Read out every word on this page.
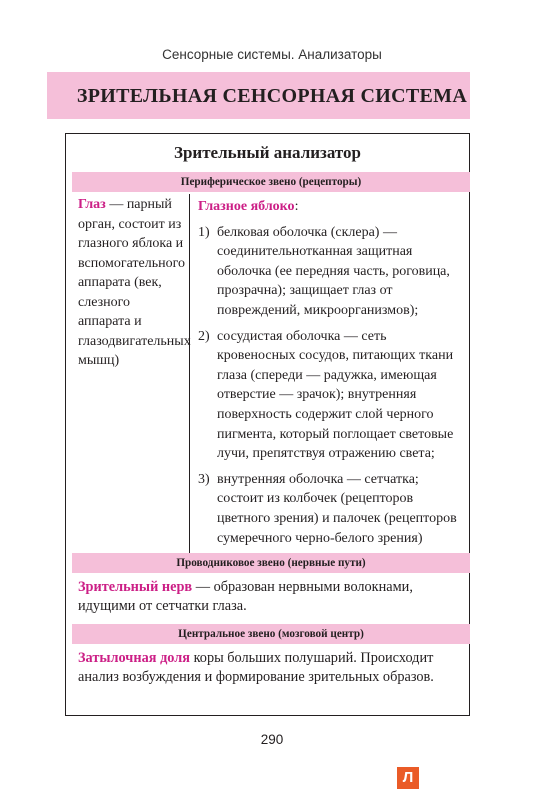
Сенсорные системы. Анализаторы
ЗРИТЕЛЬНАЯ СЕНСОРНАЯ СИСТЕМА
Зрительный анализатор
Периферическое звено (рецепторы)
Глаз — парный орган, состоит из глазного яблока и вспомогательного аппарата (век, слезного аппарата и глазодвигательных мышц)
Глазное яблоко:
1) белковая оболочка (склера) — соединительнотканная защитная оболочка (ее передняя часть, роговица, прозрачна); защищает глаз от повреждений, микроорганизмов);
2) сосудистая оболочка — сеть кровеносных сосудов, питающих ткани глаза (спереди — радужка, имеющая отверстие — зрачок); внутренняя поверхность содержит слой черного пигмента, который поглощает световые лучи, препятствуя отражению света;
3) внутренняя оболочка — сетчатка; состоит из колбочек (рецепторов цветного зрения) и палочек (рецепторов сумеречного черно-белого зрения)
Проводниковое звено (нервные пути)
Зрительный нерв — образован нервными волокнами, идущими от сетчатки глаза.
Центральное звено (мозговой центр)
Затылочная доля коры больших полушарий. Происходит анализ возбуждения и формирование зрительных образов.
290
Л
